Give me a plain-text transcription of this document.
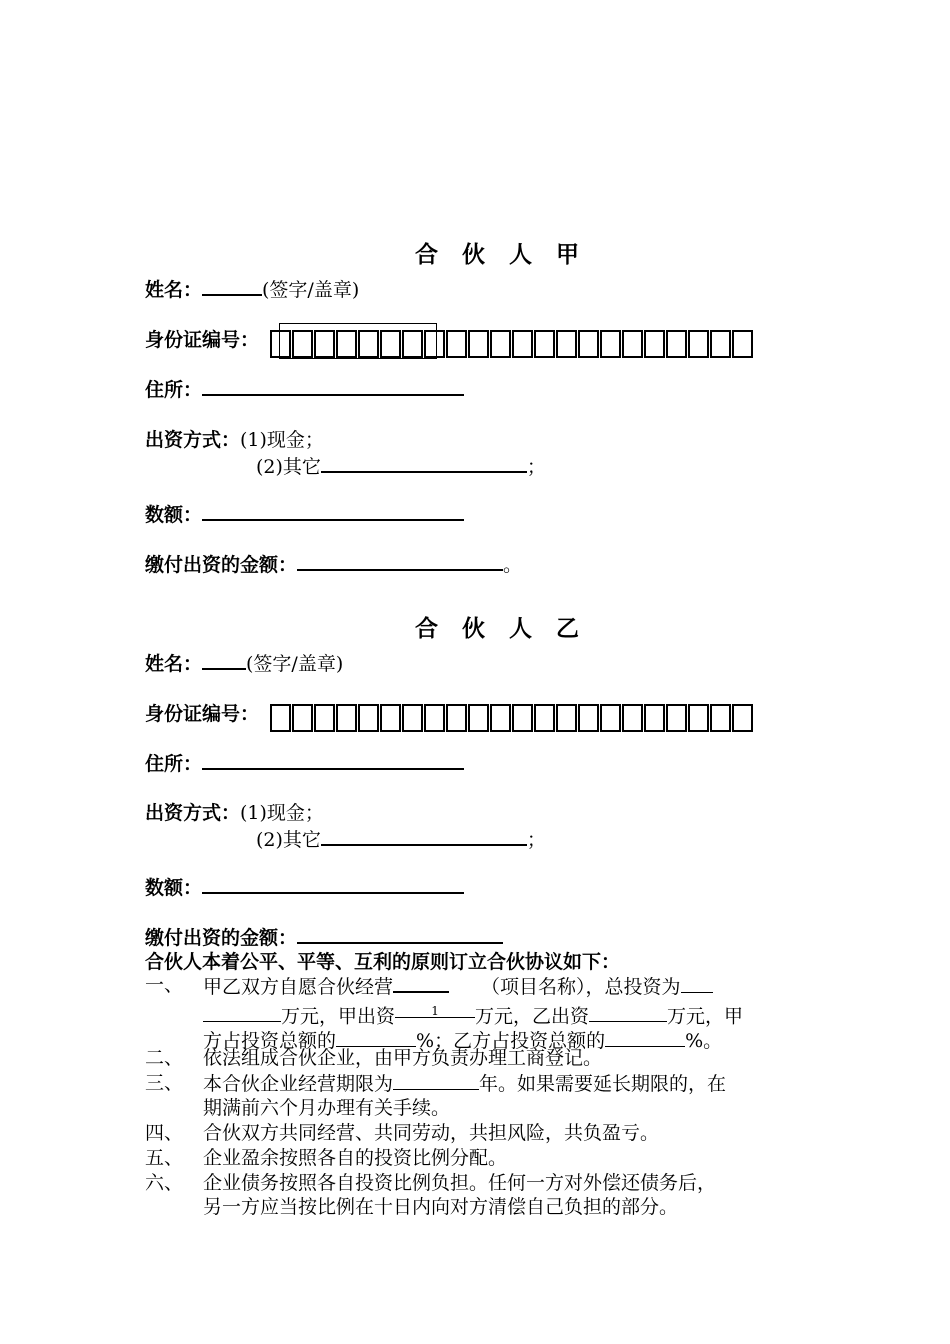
合 伙 人 甲
姓名：	(签字/盖章)
身份证编号：
住所：
出资方式：(1)现金；
(2)其它	；
数额：
缴付出资的金额：	。
合 伙 人 乙
姓名： (签字/盖章)
身份证编号：
住所：
出资方式：(1)现金；
(2)其它	；
数额：
缴付出资的金额：
合伙人本着公平、平等、互利的原则订立合伙协议如下：
一、 甲乙双方自愿合伙经营	（项目名称），总投资为
万元，甲出资	$^1$ 万元，乙出资	万元，甲
方占投资总额的	%；乙方占投资总额的	%。
二、 依法组成合伙企业，由甲方负责办理工商登记。
三、 本合伙企业经营期限为	年。如果需要延长期限的，在
期满前六个月办理有关手续。
四、 合伙双方共同经营、共同劳动，共担风险，共负盈亏。
五、 企业盈余按照各自的投资比例分配。
六、 企业债务按照各自投资比例负担。任何一方对外偿还债务后，
另一方应当按比例在十日内向对方清偿自己负担的部分。
